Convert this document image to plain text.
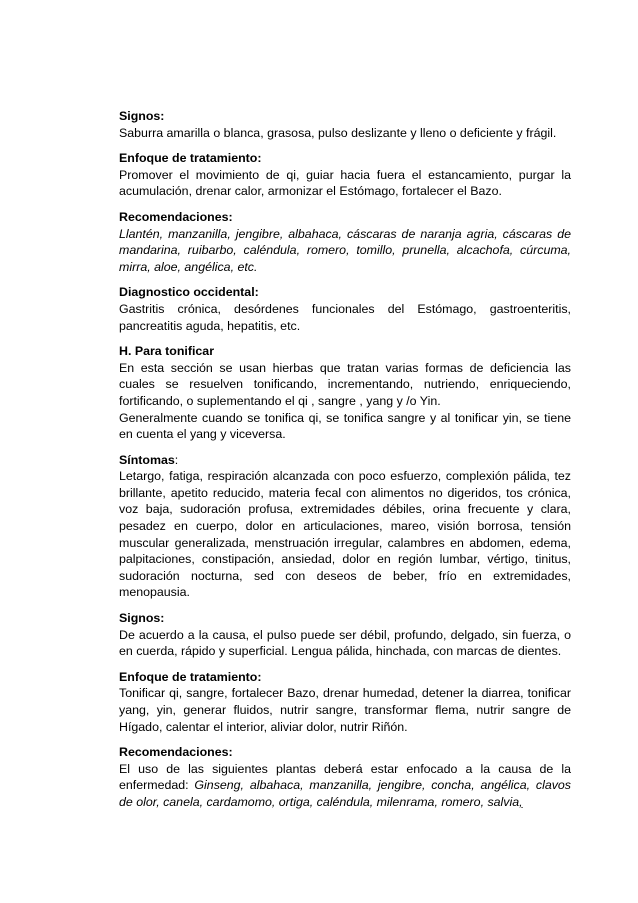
Signos:

Saburra amarilla o blanca, grasosa, pulso deslizante y lleno o deficiente y frágil.

Enfoque de tratamiento:

Promover el movimiento de qi, guiar hacia fuera el estancamiento, purgar la acumulación, drenar calor, armonizar el Estómago, fortalecer el Bazo.

Recomendaciones:

Llantén, manzanilla, jengibre, albahaca, cáscaras de naranja agria, cáscaras de mandarina, ruibarbo, caléndula, romero, tomillo, prunella, alcachofa, cúrcuma, mirra, aloe, angélica, etc.

Diagnostico occidental:

Gastritis crónica, desórdenes funcionales del Estómago, gastroenteritis, pancreatitis aguda, hepatitis, etc.

H. Para tonificar

En esta sección se usan hierbas que tratan varias formas de deficiencia las cuales se resuelven tonificando, incrementando, nutriendo, enriqueciendo, fortificando, o suplementando el qi , sangre , yang y /o Yin.

Generalmente cuando se tonifica qi, se tonifica sangre y al tonificar yin, se tiene en cuenta el yang y viceversa.

Síntomas:

Letargo, fatiga, respiración alcanzada con poco esfuerzo, complexión pálida, tez brillante, apetito reducido, materia fecal con alimentos no digeridos, tos crónica, voz baja, sudoración profusa, extremidades débiles, orina frecuente y clara, pesadez en cuerpo, dolor en articulaciones, mareo, visión borrosa, tensión muscular generalizada, menstruación irregular, calambres en abdomen, edema, palpitaciones, constipación, ansiedad, dolor en región lumbar, vértigo, tinitus, sudoración nocturna, sed con deseos de beber, frío en extremidades, menopausia.

Signos:

De acuerdo a la causa, el pulso puede ser débil, profundo, delgado, sin fuerza, o en cuerda, rápido y superficial. Lengua pálida, hinchada, con marcas de dientes.

Enfoque de tratamiento:

Tonificar qi, sangre, fortalecer Bazo, drenar humedad, detener la diarrea, tonificar yang, yin, generar fluidos, nutrir sangre, transformar flema, nutrir sangre de Hígado, calentar el interior, aliviar dolor, nutrir Riñón.

Recomendaciones:

El uso de las siguientes plantas deberá estar enfocado a la causa de la enfermedad: Ginseng, albahaca, manzanilla, jengibre, concha, angélica, clavos de olor, canela, cardamomo, ortiga, caléndula, milenrama, romero, salvia,
